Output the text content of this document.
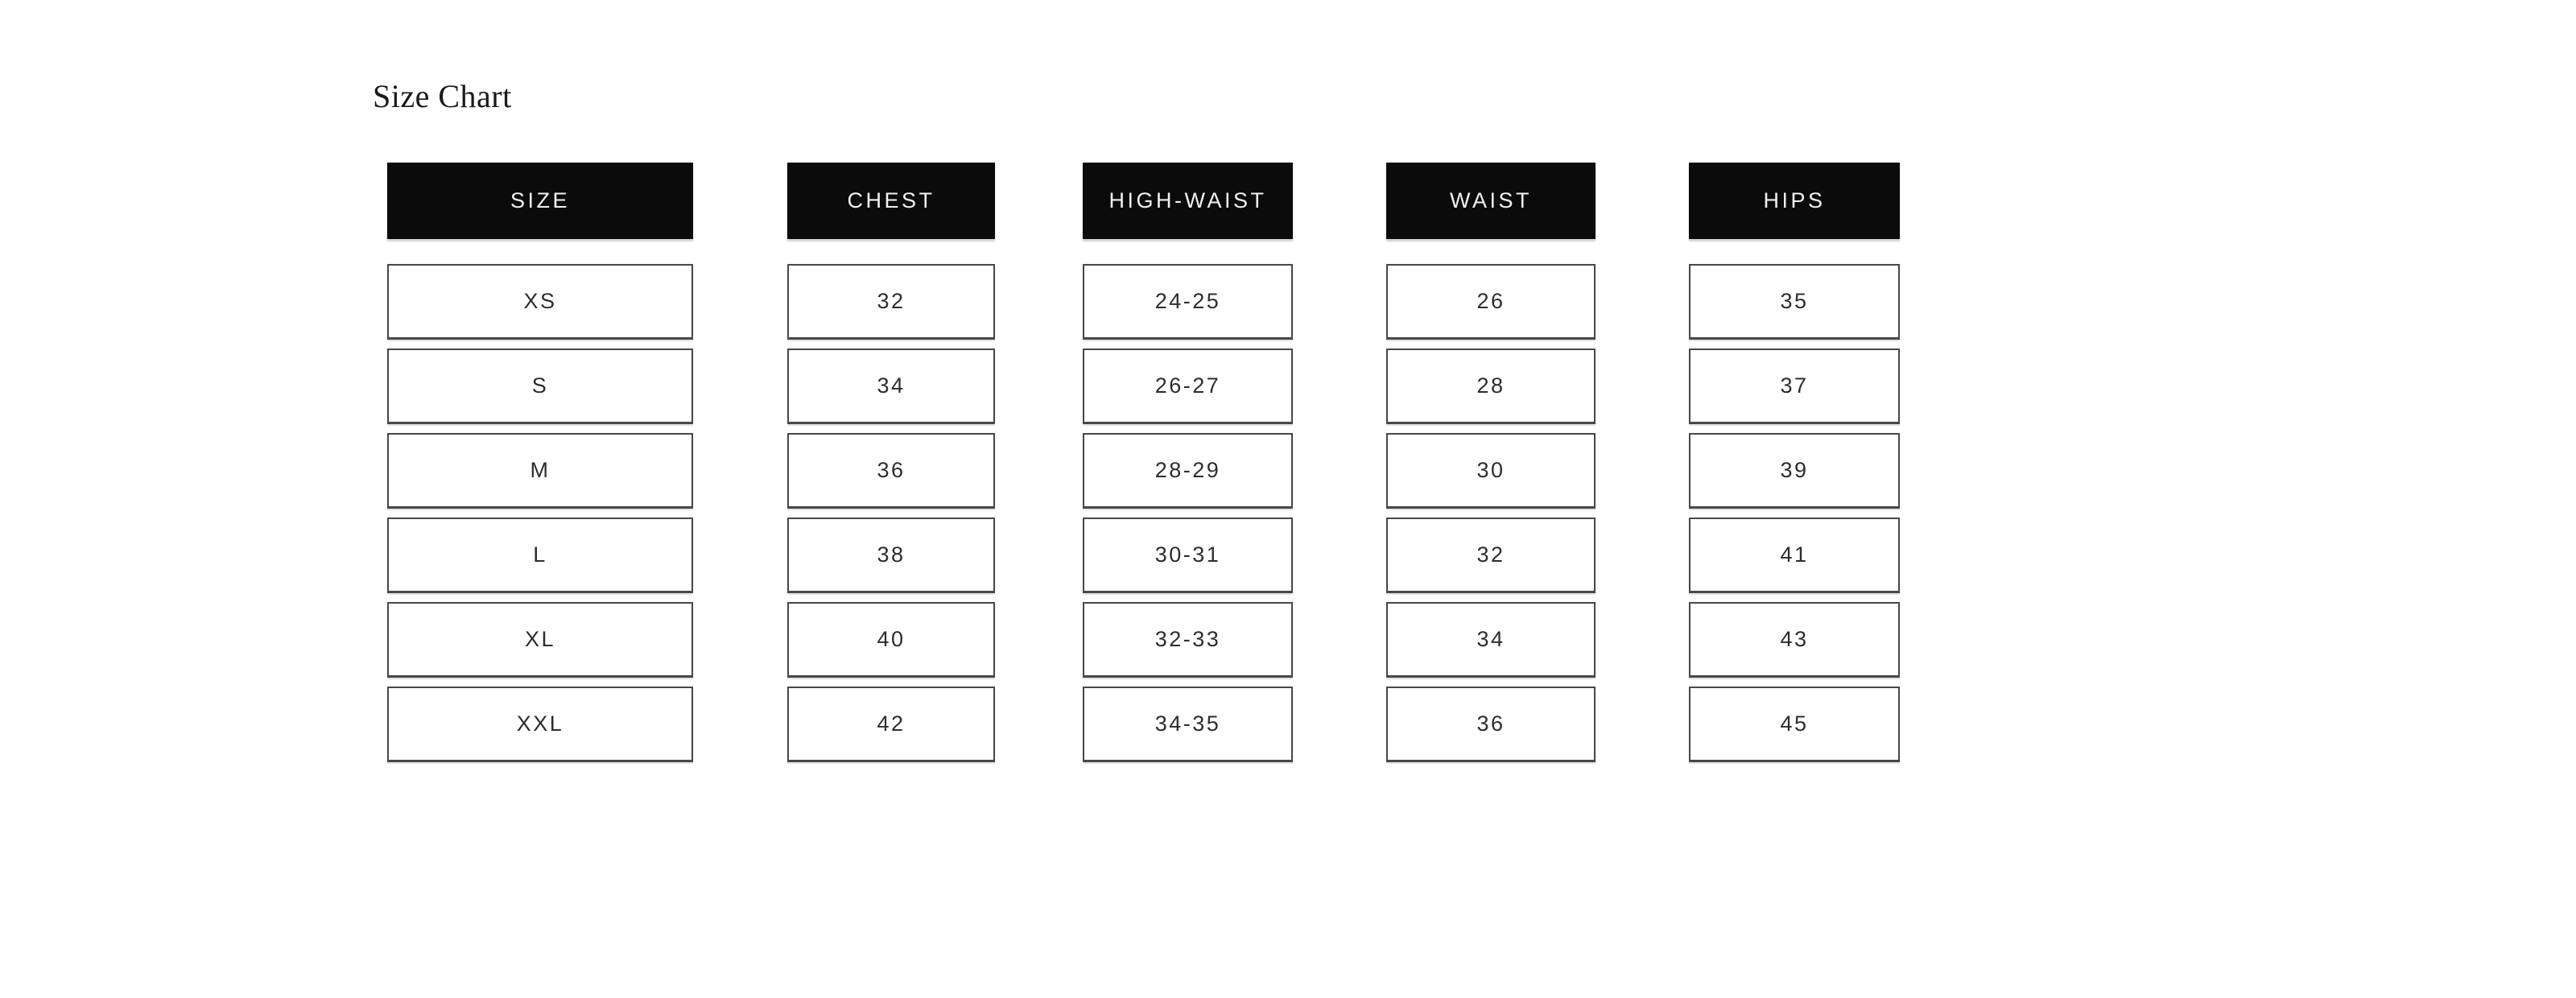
Size Chart
SIZE
XS
S
M
L
XL
XXL
CHEST
32
34
36
38
40
42
HIGH-WAIST
24-25
26-27
28-29
30-31
32-33
34-35
WAIST
26
28
30
32
34
36
HIPS
35
37
39
41
43
45
